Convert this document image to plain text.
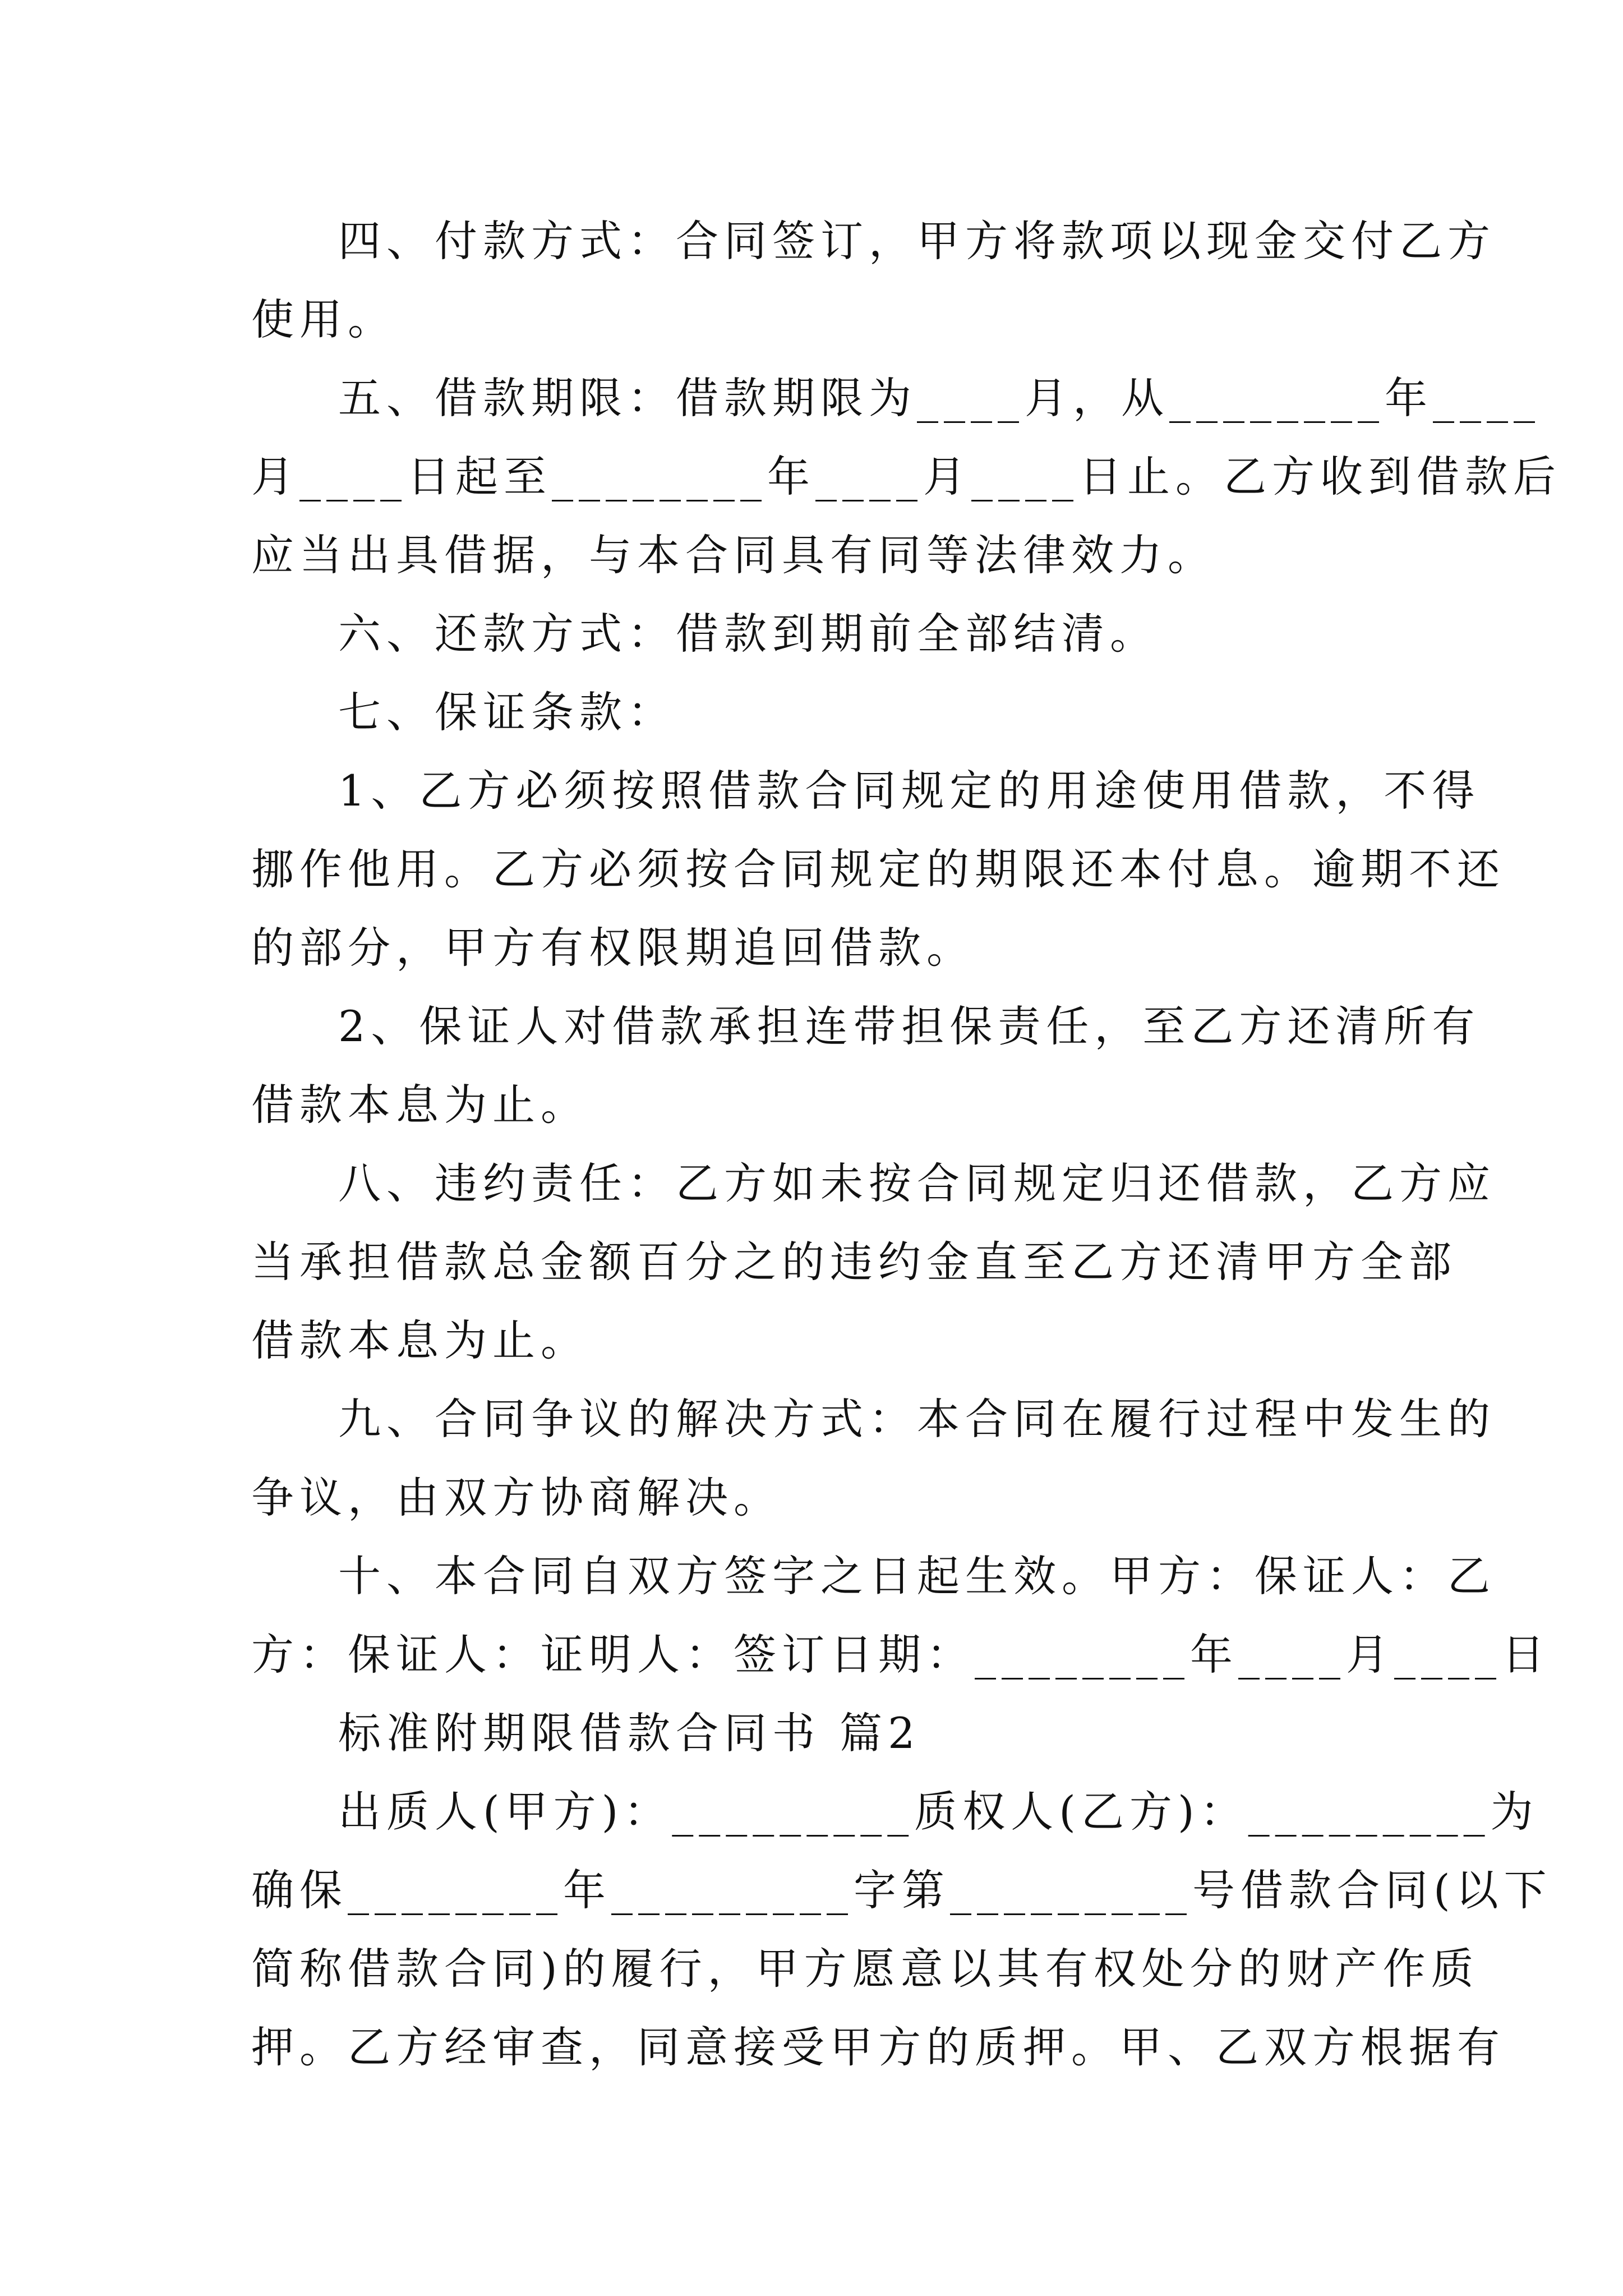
四、付款方式：合同签订，甲方将款项以现金交付乙方
使用。
五、借款期限：借款期限为____月，从________年____
月____日起至________年____月____日止。乙方收到借款后
应当出具借据，与本合同具有同等法律效力。
六、还款方式：借款到期前全部结清。
七、保证条款：
1、乙方必须按照借款合同规定的用途使用借款，不得
挪作他用。乙方必须按合同规定的期限还本付息。逾期不还
的部分，甲方有权限期追回借款。
2、保证人对借款承担连带担保责任，至乙方还清所有
借款本息为止。
八、违约责任：乙方如未按合同规定归还借款，乙方应
当承担借款总金额百分之的违约金直至乙方还清甲方全部
借款本息为止。
九、合同争议的解决方式：本合同在履行过程中发生的
争议，由双方协商解决。
十、本合同自双方签字之日起生效。甲方：保证人：乙
方：保证人：证明人：签订日期：________年____月____日
标准附期限借款合同书 篇2
出质人(甲方)：_________质权人(乙方)：_________为
确保________年_________字第_________号借款合同(以下
简称借款合同)的履行，甲方愿意以其有权处分的财产作质
押。乙方经审查，同意接受甲方的质押。甲、乙双方根据有
